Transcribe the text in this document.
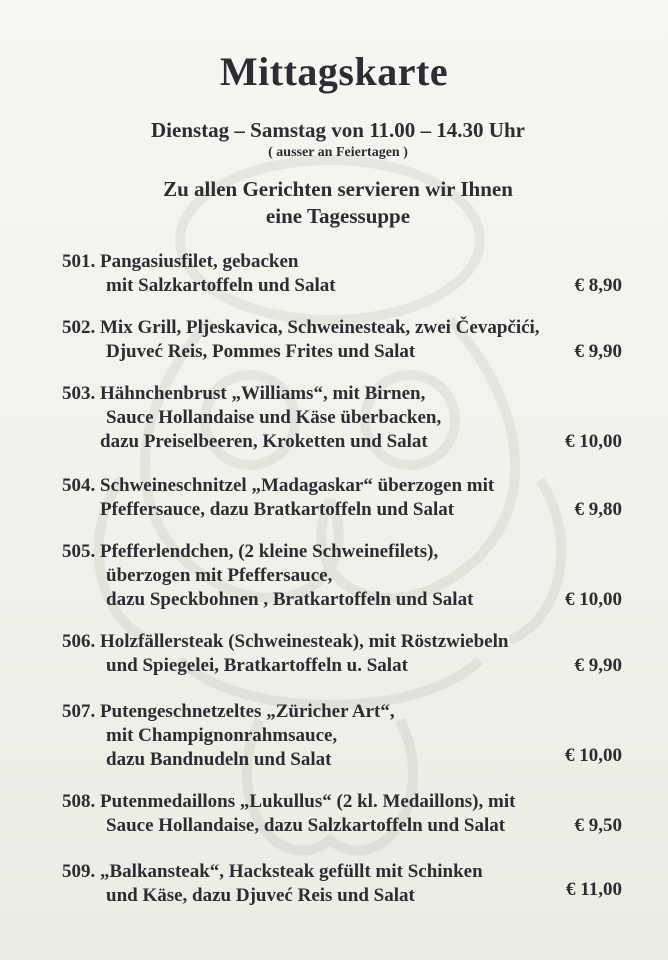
Mittagskarte
Dienstag – Samstag von 11.00 – 14.30 Uhr
( ausser an Feiertagen )
Zu allen Gerichten servieren wir Ihnen
eine Tagessuppe
501. Pangasiusfilet, gebacken
mit Salzkartoffeln und Salat	€ 8,90
502. Mix Grill, Pljeskavica, Schweinesteak, zwei Čevapčići,
Djuveć Reis, Pommes Frites und Salat	€ 9,90
503. Hähnchenbrust „Williams“, mit Birnen,
Sauce Hollandaise und Käse überbacken,
dazu Preiselbeeren, Kroketten und Salat	€ 10,00
504. Schweineschnitzel „Madagaskar“ überzogen mit
Pfeffersauce, dazu Bratkartoffeln und Salat	€ 9,80
505. Pfefferlendchen, (2 kleine Schweinefilets),
überzogen mit Pfeffersauce,
dazu Speckbohnen , Bratkartoffeln und Salat	€ 10,00
506. Holzfällersteak (Schweinesteak), mit Röstzwiebeln
und Spiegelei, Bratkartoffeln u. Salat	€ 9,90
507. Putengeschnetzeltes „Züricher Art“,
mit Champignonrahmsauce,
dazu Bandnudeln und Salat	€ 10,00
508. Putenmedaillons „Lukullus“ (2 kl. Medaillons), mit
Sauce Hollandaise, dazu Salzkartoffeln und Salat	€ 9,50
509. „Balkansteak“, Hacksteak gefüllt mit Schinken
und Käse, dazu Djuveć Reis und Salat	€ 11,00
